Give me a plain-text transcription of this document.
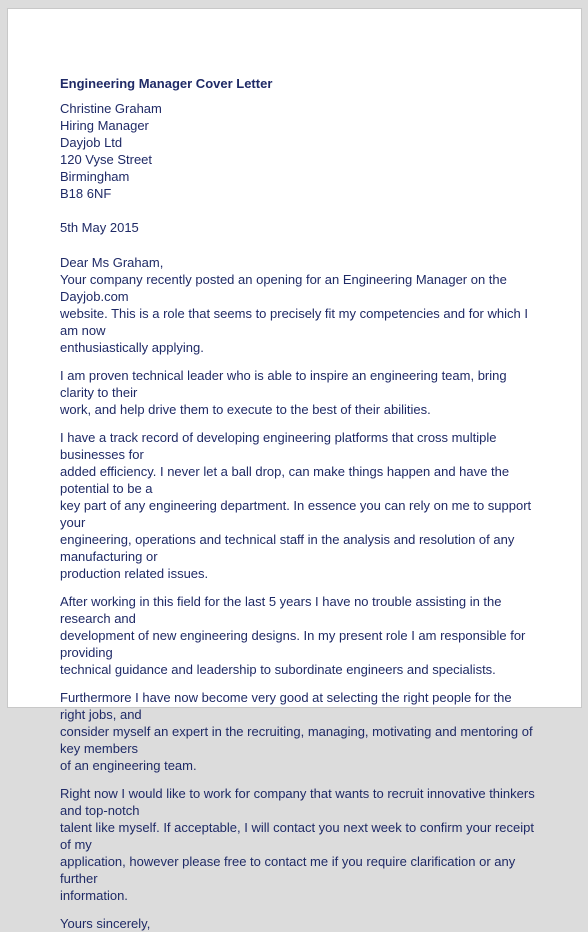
Engineering Manager Cover Letter
Christine Graham
Hiring Manager
Dayjob Ltd
120 Vyse Street
Birmingham
B18 6NF
5th May 2015
Dear Ms Graham,
Your company recently posted an opening for an Engineering Manager on the Dayjob.com
website. This is a role that seems to precisely fit my competencies and for which I am now
enthusiastically applying.
I am proven technical leader who is able to inspire an engineering team, bring clarity to their
work, and help drive them to execute to the best of their abilities.
I have a track record of developing engineering platforms that cross multiple businesses for
added efficiency. I never let a ball drop, can make things happen and have the potential to be a
key part of any engineering department. In essence you can rely on me to support your
engineering, operations and technical staff in the analysis and resolution of any manufacturing or
production related issues.
After working in this field for the last 5 years I have no trouble assisting in the research and
development of new engineering designs. In my present role I am responsible for providing
technical guidance and leadership to subordinate engineers and specialists.
Furthermore I have now become very good at selecting the right people for the right jobs, and
consider myself an expert in the recruiting, managing, motivating and mentoring of key members
of an engineering team.
Right now I would like to work for company that wants to recruit innovative thinkers and top-notch
talent like myself. If acceptable, I will contact you next week to confirm your receipt of my
application, however please free to contact me if you require clarification or any further
information.
Yours sincerely,
